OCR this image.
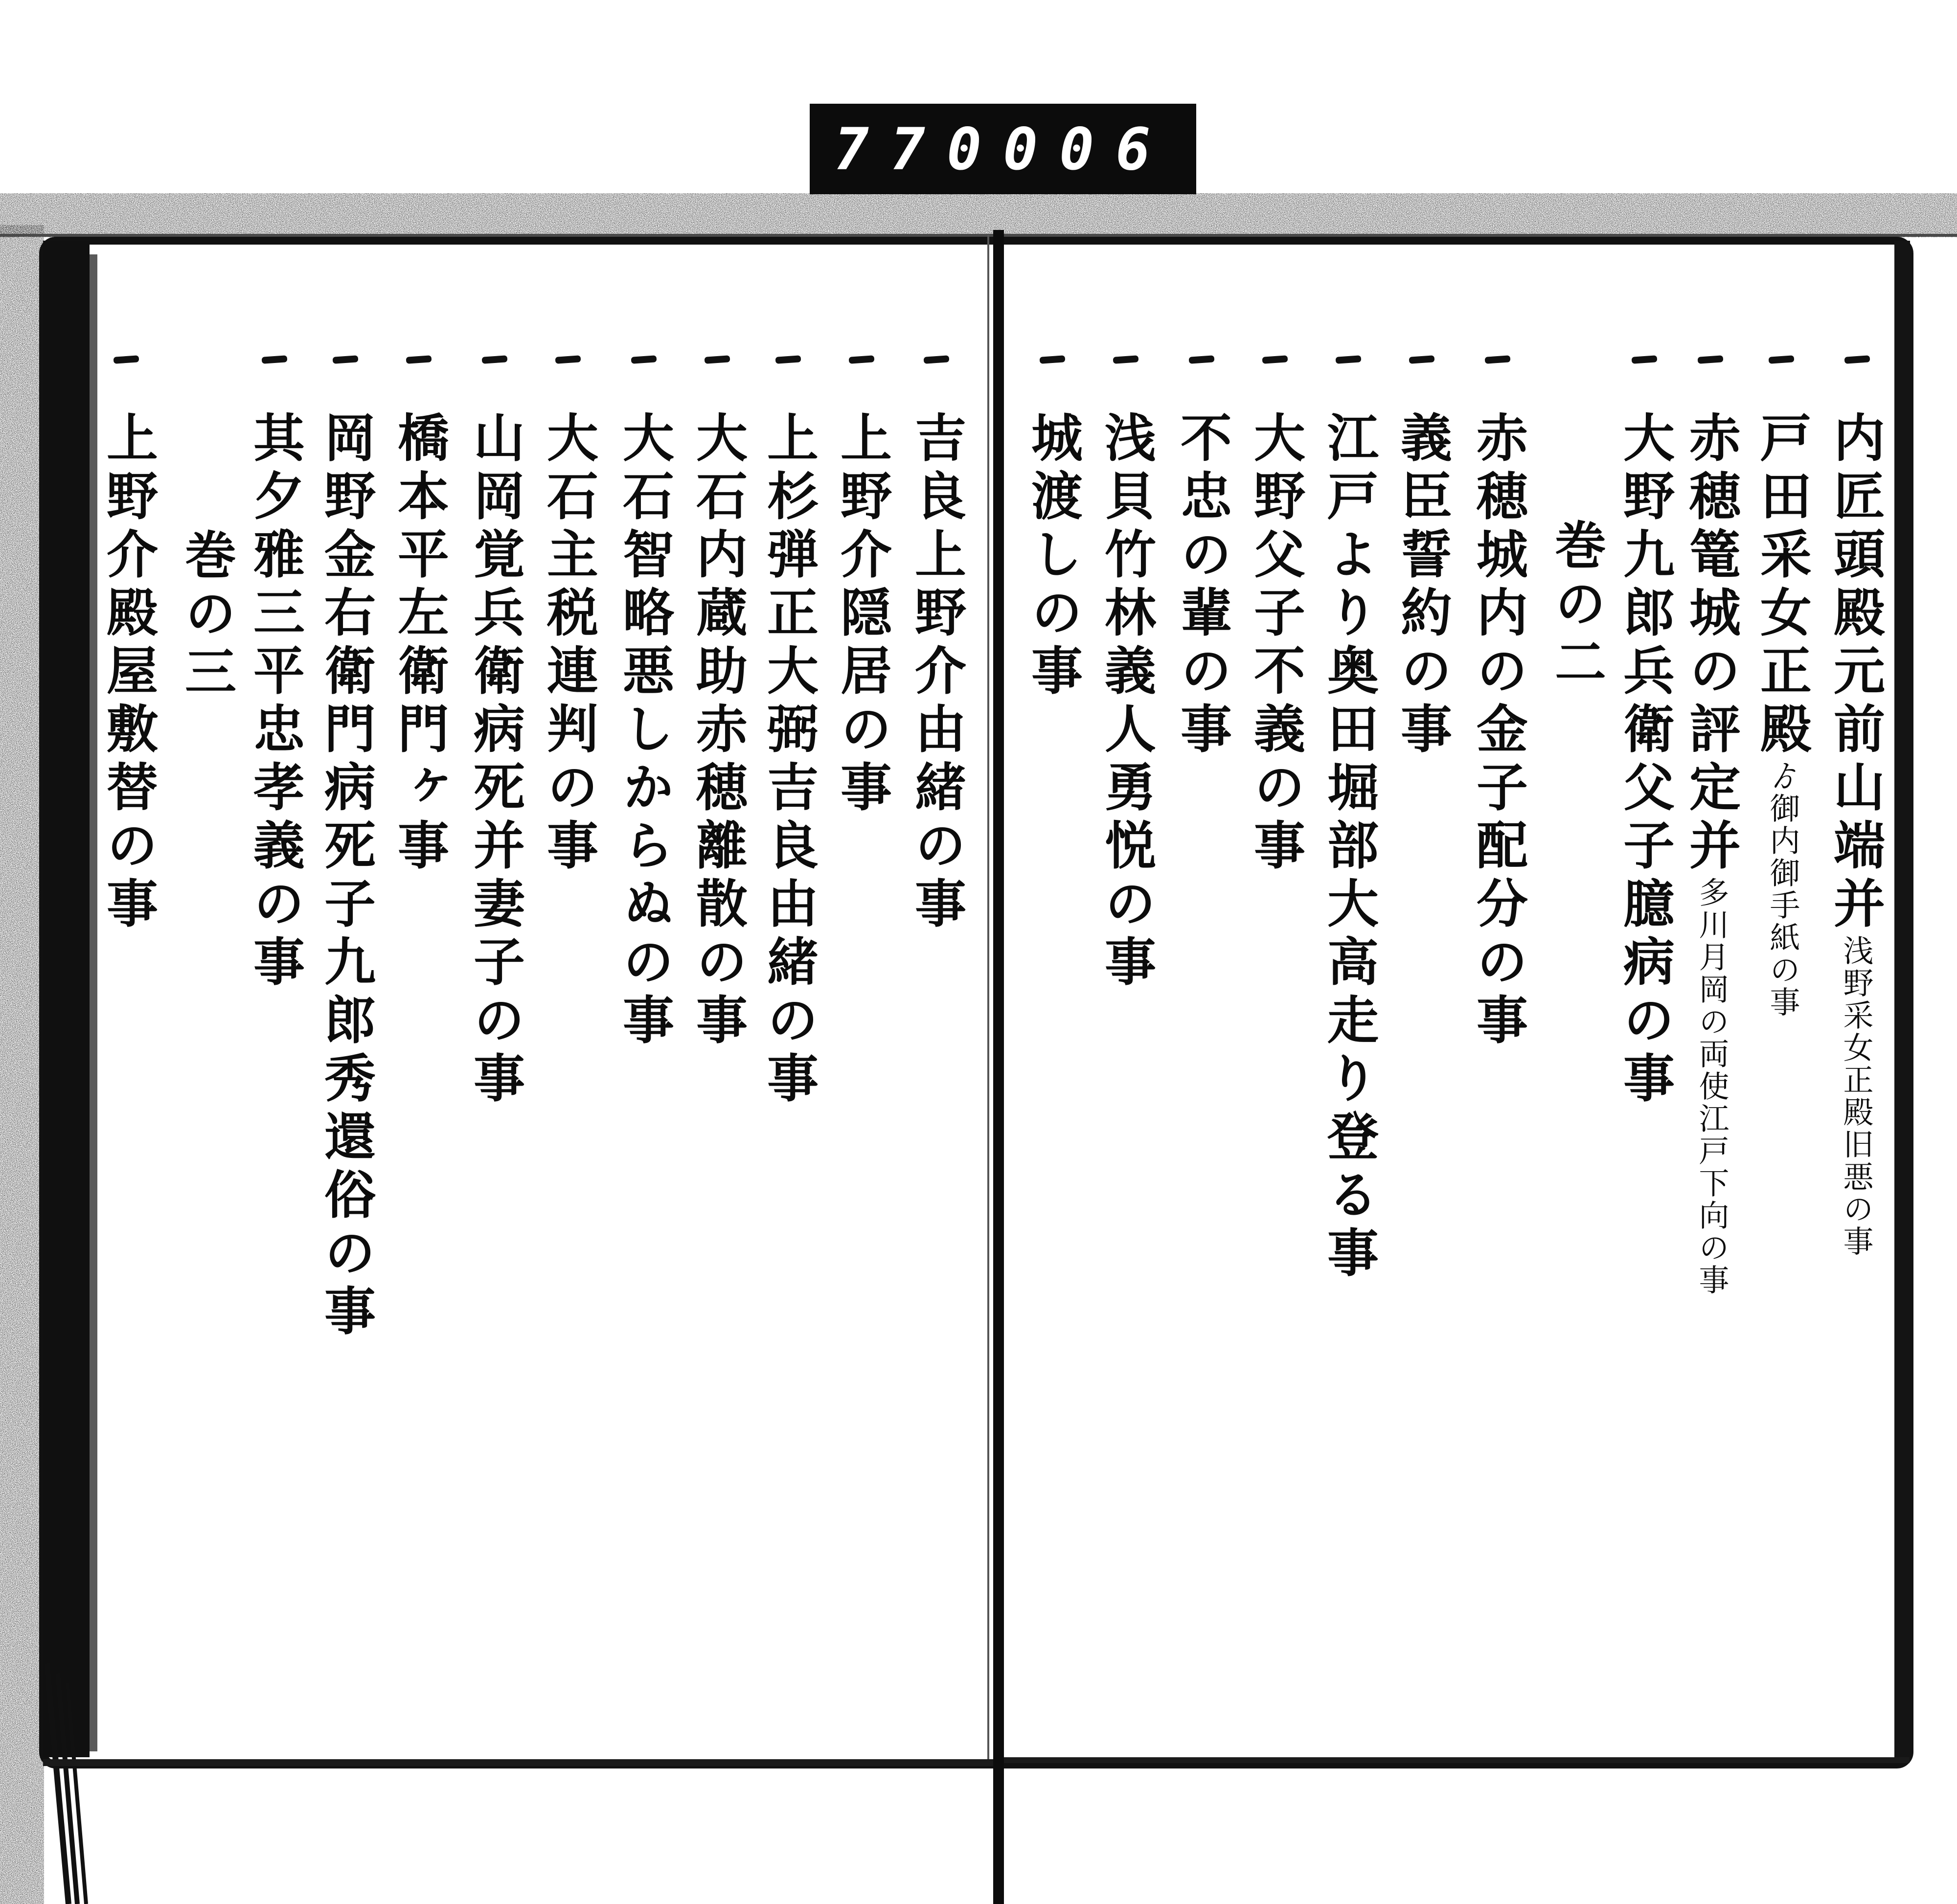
770 006
内匠頭殿元前山端并浅野采女正殿旧悪の事
戸田采女正殿ゟ御内御手紙の事
赤穂篭城の評定并多川月岡の両使江戸下向の事
大野九郎兵衛父子臆病の事
巻の二
赤穂城内の金子配分の事
義臣誓約の事
江戸より奥田堀部大高走り登る事
大野父子不義の事
不忠の輩の事
浅貝竹林義人勇悦の事
城渡しの事
吉良上野介由緒の事
上野介隠居の事
上杉弾正大弼吉良由緒の事
大石内蔵助赤穂離散の事
大石智略悪しからぬの事
大石主税連判の事
山岡覚兵衛病死并妻子の事
橋本平左衛門ヶ事
岡野金右衛門病死子九郎秀還俗の事
其夕雅三平忠孝義の事
巻の三
上野介殿屋敷替の事
